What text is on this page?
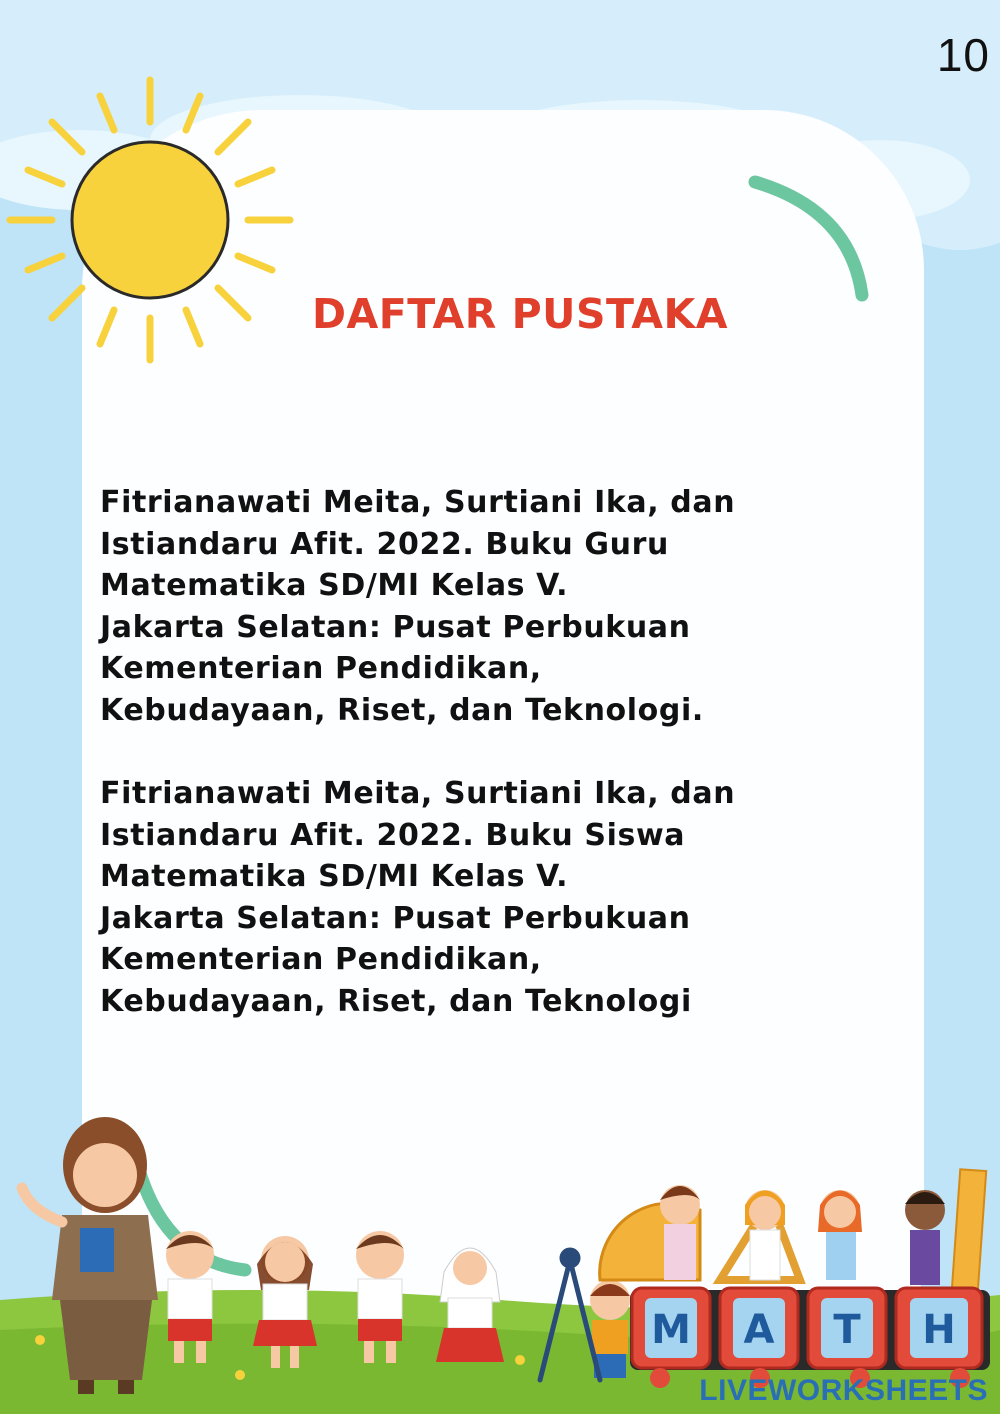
10
DAFTAR PUSTAKA
Fitrianawati Meita, Surtiani Ika, dan
Istiandaru Afit. 2022. Buku Guru
Matematika SD/MI Kelas V.
Jakarta Selatan: Pusat Perbukuan
Kementerian Pendidikan,
Kebudayaan, Riset, dan Teknologi.
Fitrianawati Meita, Surtiani Ika, dan
Istiandaru Afit. 2022. Buku Siswa
Matematika SD/MI Kelas V.
Jakarta Selatan: Pusat Perbukuan
Kementerian Pendidikan,
Kebudayaan, Riset, dan Teknologi
M A T H
LIVEWORKSHEETS
